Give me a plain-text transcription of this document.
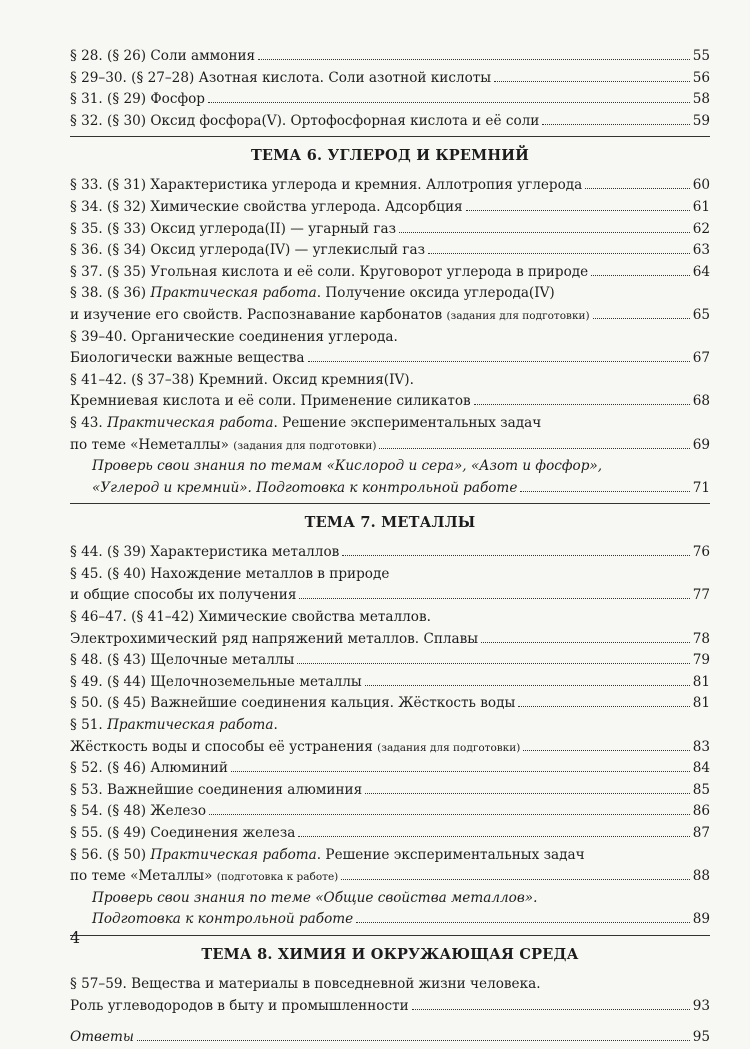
§ 28. (§ 26) Соли аммония	55
§ 29–30. (§ 27–28) Азотная кислота. Соли азотной кислоты	56
§ 31. (§ 29) Фосфор	58
§ 32. (§ 30) Оксид фосфора(V). Ортофосфорная кислота и её соли	59
ТЕМА 6. УГЛЕРОД И КРЕМНИЙ
§ 33. (§ 31) Характеристика углерода и кремния. Аллотропия углерода	60
§ 34. (§ 32) Химические свойства углерода. Адсорбция	61
§ 35. (§ 33) Оксид углерода(II) — угарный газ	62
§ 36. (§ 34) Оксид углерода(IV) — углекислый газ	63
§ 37. (§ 35) Угольная кислота и её соли. Круговорот углерода в природе	64
§ 38. (§ 36) Практическая работа. Получение оксида углерода(IV)
и изучение его свойств. Распознавание карбонатов (задания для подготовки)	65
§ 39–40. Органические соединения углерода.
Биологически важные вещества	67
§ 41–42. (§ 37–38) Кремний. Оксид кремния(IV).
Кремниевая кислота и её соли. Применение силикатов	68
§ 43. Практическая работа. Решение экспериментальных задач
по теме «Неметаллы» (задания для подготовки)	69
Проверь свои знания по темам «Кислород и сера», «Азот и фосфор»,
«Углерод и кремний». Подготовка к контрольной работе	71
ТЕМА 7. МЕТАЛЛЫ
§ 44. (§ 39) Характеристика металлов	76
§ 45. (§ 40) Нахождение металлов в природе
и общие способы их получения	77
§ 46–47. (§ 41–42) Химические свойства металлов.
Электрохимический ряд напряжений металлов. Сплавы	78
§ 48. (§ 43) Щелочные металлы	79
§ 49. (§ 44) Щелочноземельные металлы	81
§ 50. (§ 45) Важнейшие соединения кальция. Жёсткость воды	81
§ 51. Практическая работа.
Жёсткость воды и способы её устранения (задания для подготовки)	83
§ 52. (§ 46) Алюминий	84
§ 53. Важнейшие соединения алюминия	85
§ 54. (§ 48) Железо	86
§ 55. (§ 49) Соединения железа	87
§ 56. (§ 50) Практическая работа. Решение экспериментальных задач
по теме «Металлы» (подготовка к работе)	88
Проверь свои знания по теме «Общие свойства металлов».
Подготовка к контрольной работе	89
ТЕМА 8. ХИМИЯ И ОКРУЖАЮЩАЯ СРЕДА
§ 57–59. Вещества и материалы в повседневной жизни человека.
Роль углеводородов в быту и промышленности	93
Ответы	95
4
